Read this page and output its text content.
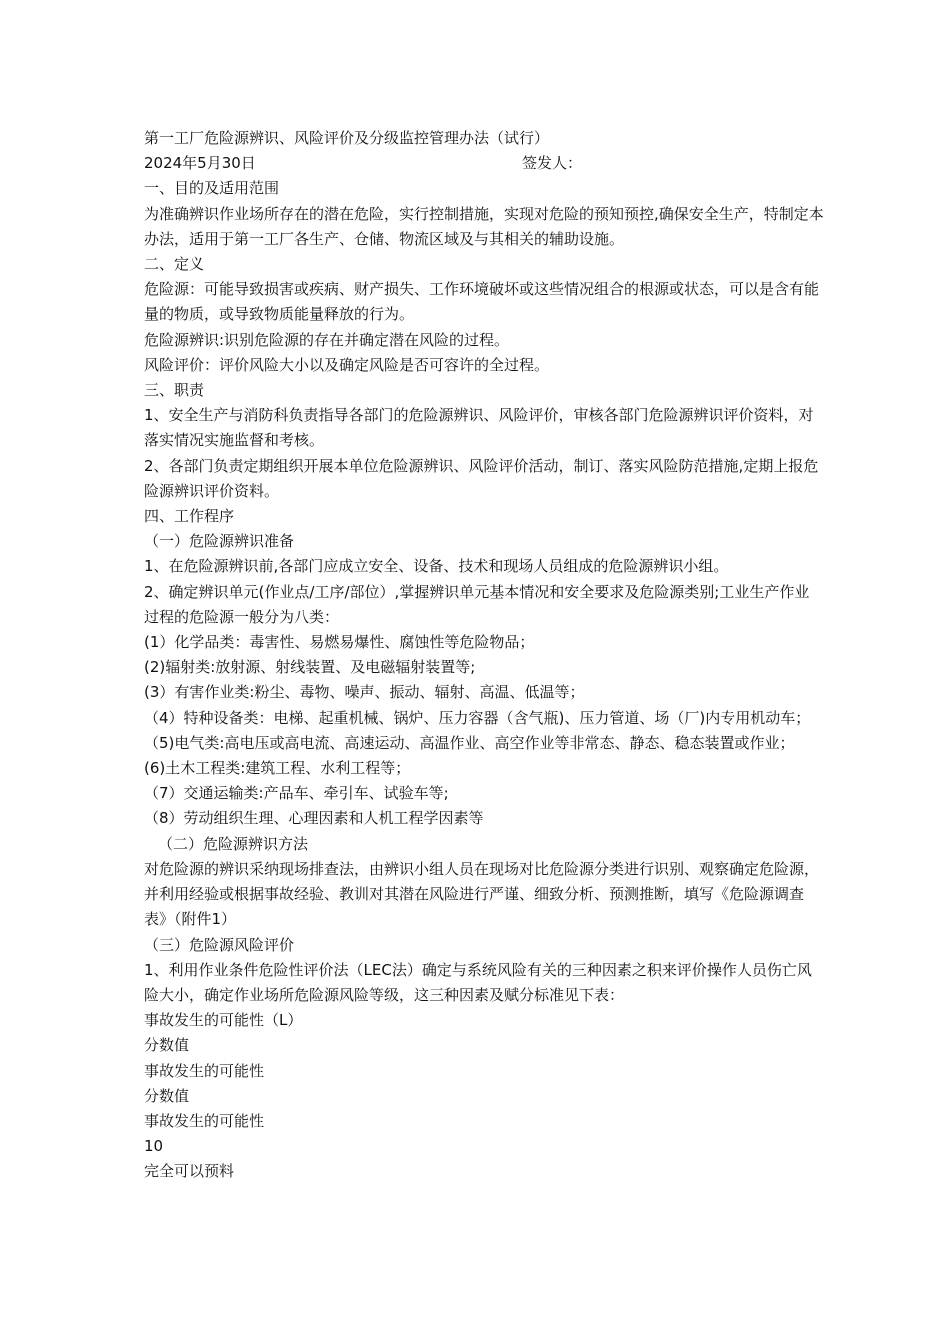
第一工厂危险源辨识、风险评价及分级监控管理办法（试行）
2024年5月30日	签发人：
一、目的及适用范围
为准确辨识作业场所存在的潜在危险，实行控制措施，实现对危险的预知预控,确保安全生产，特制定本办法，适用于第一工厂各生产、仓储、物流区域及与其相关的辅助设施。
二、定义
危险源：可能导致损害或疾病、财产损失、工作环境破坏或这些情况组合的根源或状态，可以是含有能量的物质，或导致物质能量释放的行为。
危险源辨识:识别危险源的存在并确定潜在风险的过程。
风险评价：评价风险大小以及确定风险是否可容许的全过程。
三、职责
1、安全生产与消防科负责指导各部门的危险源辨识、风险评价，审核各部门危险源辨识评价资料，对落实情况实施监督和考核。
2、各部门负责定期组织开展本单位危险源辨识、风险评价活动，制订、落实风险防范措施,定期上报危险源辨识评价资料。
四、工作程序
（一）危险源辨识准备
1、在危险源辨识前,各部门应成立安全、设备、技术和现场人员组成的危险源辨识小组。
2、确定辨识单元(作业点/工序/部位）,掌握辨识单元基本情况和安全要求及危险源类别;工业生产作业过程的危险源一般分为八类：
(1）化学品类：毒害性、易燃易爆性、腐蚀性等危险物品；
(2)辐射类:放射源、射线装置、及电磁辐射装置等;
(3）有害作业类:粉尘、毒物、噪声、振动、辐射、高温、低温等；
（4）特种设备类：电梯、起重机械、锅炉、压力容器（含气瓶)、压力管道、场（厂)内专用机动车；
（5)电气类:高电压或高电流、高速运动、高温作业、高空作业等非常态、静态、稳态装置或作业；
(6)土木工程类:建筑工程、水利工程等；
（7）交通运输类:产品车、牵引车、试验车等;
（8）劳动组织生理、心理因素和人机工程学因素等
（二）危险源辨识方法
对危险源的辨识采纳现场排查法，由辨识小组人员在现场对比危险源分类进行识别、观察确定危险源，并利用经验或根据事故经验、教训对其潜在风险进行严谨、细致分析、预测推断，填写《危险源调查表》（附件1）
（三）危险源风险评价
1、利用作业条件危险性评价法（LEC法）确定与系统风险有关的三种因素之积来评价操作人员伤亡风险大小，确定作业场所危险源风险等级，这三种因素及赋分标准见下表：
事故发生的可能性（L）
分数值
事故发生的可能性
分数值
事故发生的可能性
10
完全可以预料
